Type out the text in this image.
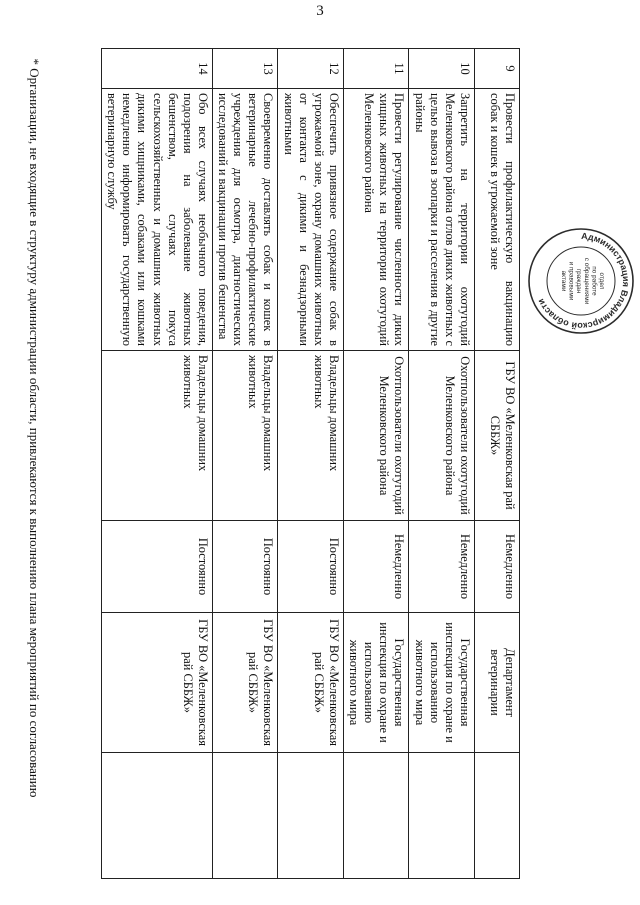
3
9	Провести профилактическую вакцинацию собак и кошек в угрожаемой зоне	ГБУ ВО «Меленковская рай СББЖ»	Немедленно	Департамент ветеринарии	
10	Запретить на территории охотугодий Меленковского района отлов диких животных с целью вывоза в зоопарки и расселения в другие районы	Охотпользователи охотугодий Меленковского района	Немедленно	Государственная инспекция по охране и использованию животного мира	
11	Провести регулирование численности диких хищных животных на территории охотугодий Меленковского района	Охотпользователи охотугодий Меленковского района	Немедленно	Государственная инспекция по охране и использованию животного мира	
12	Обеспечить привязное содержание собак в угрожаемой зоне, охрану домашних животных от контакта с дикими и безнадзорными животными	Владельцы домашних животных	Постоянно	ГБУ ВО «Меленковская рай СББЖ»	
13	Своевременно доставлять собак и кошек в ветеринарные лечебно-профилактические учреждения для осмотра, диагностических исследований и вакцинации против бешенства	Владельцы домашних животных	Постоянно	ГБУ ВО «Меленковская рай СББЖ»	
14	Обо всех случаях необычного поведения, подозрения на заболевание животных бешенством, случаях покуса сельскохозяйственных и домашних животных дикими хищниками, собаками или кошками немедленно информировать государственную ветеринарную службу	Владельцы домашних животных	Постоянно	ГБУ ВО «Меленковская рай СББЖ»	
* Организации, не входящие в структуру администрации области, привлекаются к выполнению плана мероприятий по согласованию	Администрация Владимирской области
отдел
по работе
с обращениями
граждан
и правовыми
актами
